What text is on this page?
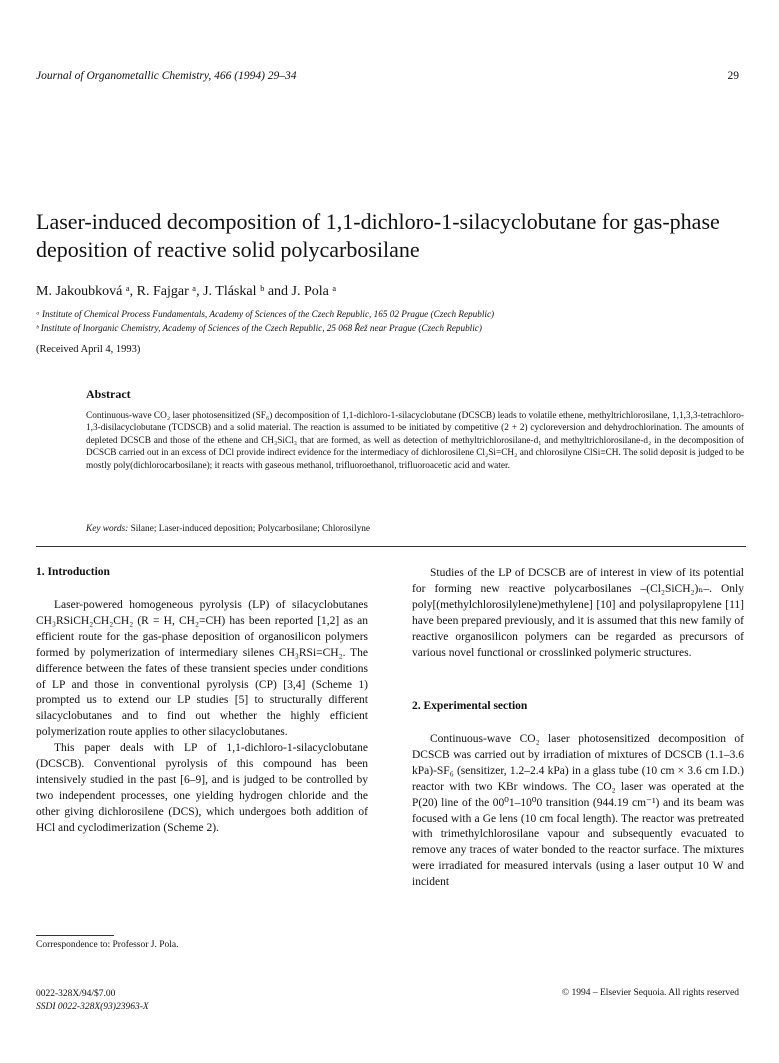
Journal of Organometallic Chemistry, 466 (1994) 29–34	29
Laser-induced decomposition of 1,1-dichloro-1-silacyclobutane for gas-phase deposition of reactive solid polycarbosilane
M. Jakoubková ᵃ, R. Fajgar ᵃ, J. Tláskal ᵇ and J. Pola ᵃ
ᵃ Institute of Chemical Process Fundamentals, Academy of Sciences of the Czech Republic, 165 02 Prague (Czech Republic)
ᵇ Institute of Inorganic Chemistry, Academy of Sciences of the Czech Republic, 25 068 Řež near Prague (Czech Republic)
(Received April 4, 1993)
Abstract
Continuous-wave CO₂ laser photosensitized (SF₆) decomposition of 1,1-dichloro-1-silacyclobutane (DCSCB) leads to volatile ethene, methyltrichlorosilane, 1,1,3,3-tetrachloro-1,3-disilacyclobutane (TCDSCB) and a solid material. The reaction is assumed to be initiated by competitive (2 + 2) cycloreversion and dehydrochlorination. The amounts of depleted DCSCB and those of the ethene and CH₃SiCl₃ that are formed, as well as detection of methyltrichlorosilane-d₁ and methyltrichlorosilane-d₂ in the decomposition of DCSCB carried out in an excess of DCl provide indirect evidence for the intermediacy of dichlorosilene Cl₂Si=CH₂ and chlorosilyne ClSi≡CH. The solid deposit is judged to be mostly poly(dichlorocarbosilane); it reacts with gaseous methanol, trifluoroethanol, trifluoroacetic acid and water.
Key words: Silane; Laser-induced deposition; Polycarbosilane; Chlorosilyne
1. Introduction

Laser-powered homogeneous pyrolysis (LP) of silacyclobutanes CH₃RSiCH₂CH₂CH₂ (R = H, CH₂=CH) has been reported [1,2] as an efficient route for the gas-phase deposition of organosilicon polymers formed by polymerization of intermediary silenes CH₃RSi=CH₂. The difference between the fates of these transient species under conditions of LP and those in conventional pyrolysis (CP) [3,4] (Scheme 1) prompted us to extend our LP studies [5] to structurally different silacyclobutanes and to find out whether the highly efficient polymerization route applies to other silacyclobutanes.

This paper deals with LP of 1,1-dichloro-1-silacyclobutane (DCSCB). Conventional pyrolysis of this compound has been intensively studied in the past [6–9], and is judged to be controlled by two independent processes, one yielding hydrogen chloride and the other giving dichlorosilene (DCS), which undergoes both addition of HCl and cyclodimerization (Scheme 2).

Studies of the LP of DCSCB are of interest in view of its potential for forming new reactive polycarbosilanes –(Cl₂SiCH₂)ₙ–. Only poly[(methylchlorosilylene)methylene] [10] and polysilapropylene [11] have been prepared previously, and it is assumed that this new family of reactive organosilicon polymers can be regarded as precursors of various novel functional or crosslinked polymeric structures.

2. Experimental section

Continuous-wave CO₂ laser photosensitized decomposition of DCSCB was carried out by irradiation of mixtures of DCSCB (1.1–3.6 kPa)-SF₆ (sensitizer, 1.2–2.4 kPa) in a glass tube (10 cm × 3.6 cm I.D.) reactor with two KBr windows. The CO₂ laser was operated at the P(20) line of the 00⁰1–10⁰0 transition (944.19 cm⁻¹) and its beam was focused with a Ge lens (10 cm focal length). The reactor was pretreated with trimethylchlorosilane vapour and subsequently evacuated to remove any traces of water bonded to the reactor surface. The mixtures were irradiated for measured intervals (using a laser output 10 W and incident

Correspondence to: Professor J. Pola.
0022-328X/94/$7.00
SSDI 0022-328X(93)23963-X
© 1994 – Elsevier Sequoia. All rights reserved
